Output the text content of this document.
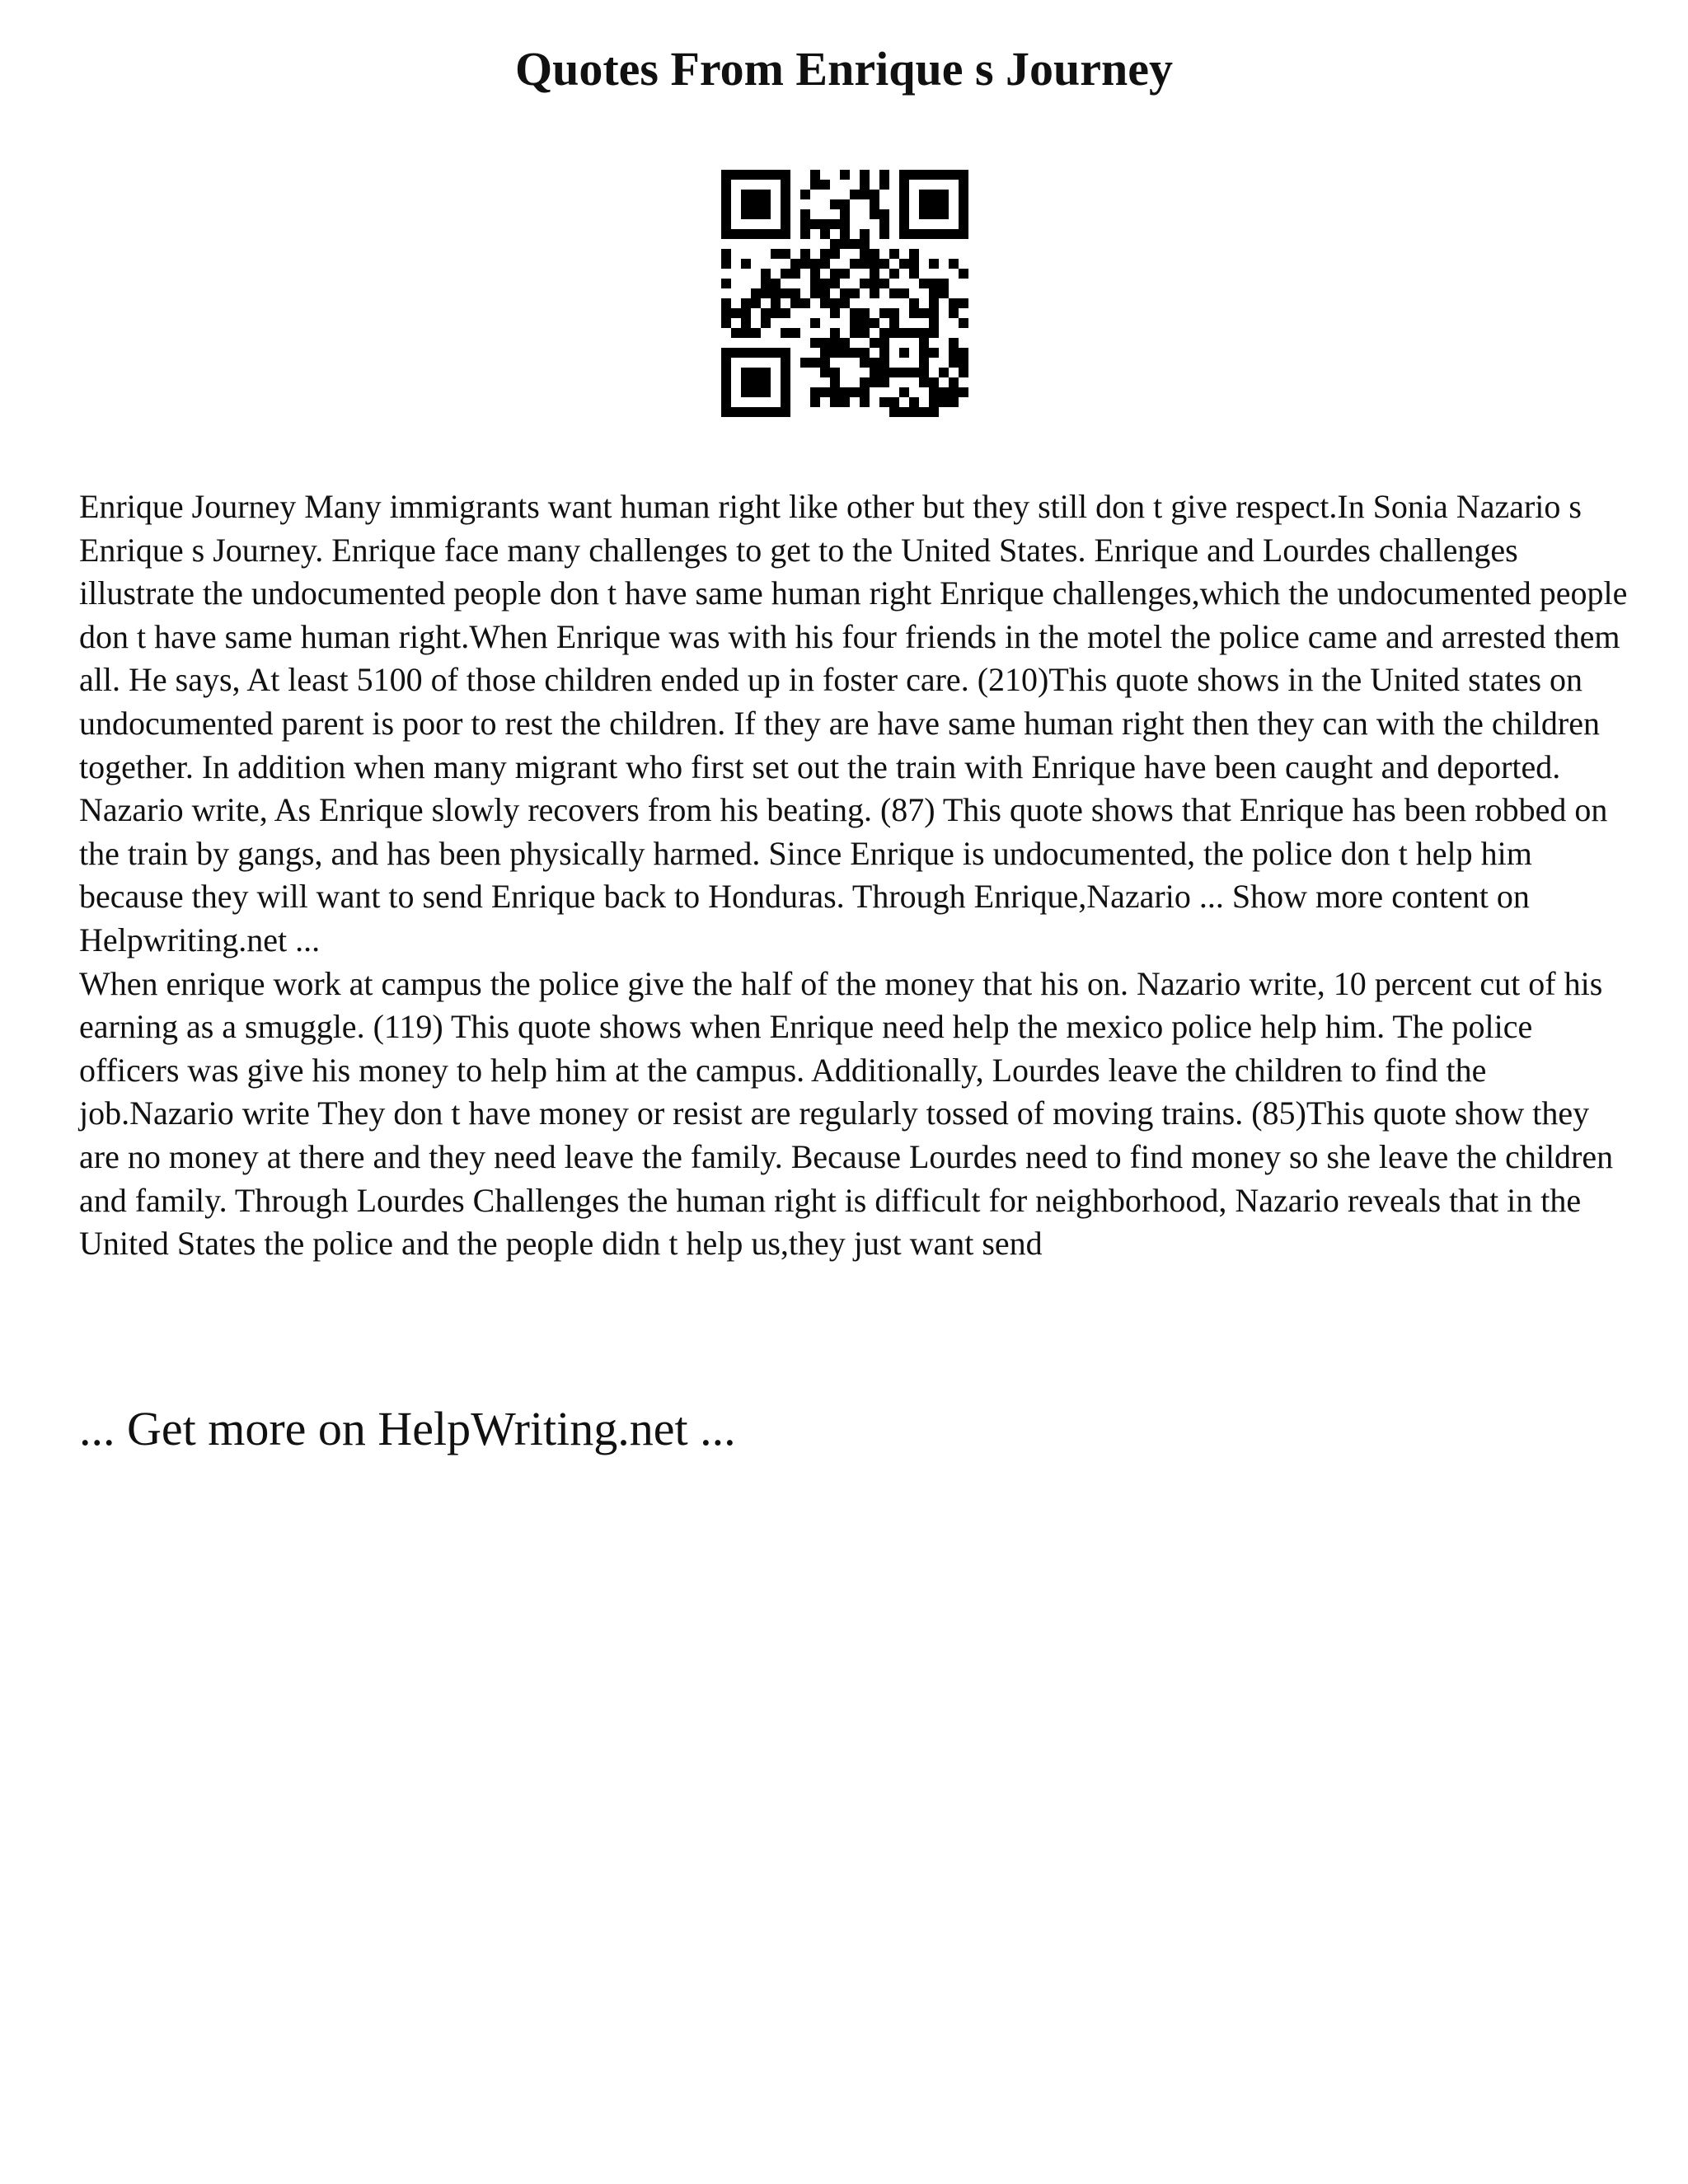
Quotes From Enrique s Journey

Enrique Journey Many immigrants want human right like other but they still don t give respect.In Sonia Nazario s Enrique s Journey. Enrique face many challenges to get to the United States. Enrique and Lourdes challenges illustrate the undocumented people don t have same human right Enrique challenges,which the undocumented people don t have same human right.When Enrique was with his four friends in the motel the police came and arrested them all. He says, At least 5100 of those children ended up in foster care. (210)This quote shows in the United states on undocumented parent is poor to rest the children. If they are have same human right then they can with the children together. In addition when many migrant who first set out the train with Enrique have been caught and deported. Nazario write, As Enrique slowly recovers from his beating. (87) This quote shows that Enrique has been robbed on the train by gangs, and has been physically harmed. Since Enrique is undocumented, the police don t help him because they will want to send Enrique back to Honduras. Through Enrique,Nazario ... Show more content on Helpwriting.net ...

When enrique work at campus the police give the half of the money that his on. Nazario write, 10 percent cut of his earning as a smuggle. (119) This quote shows when Enrique need help the mexico police help him. The police officers was give his money to help him at the campus. Additionally, Lourdes leave the children to find the job.Nazario write They don t have money or resist are regularly tossed of moving trains. (85)This quote show they are no money at there and they need leave the family. Because Lourdes need to find money so she leave the children and family. Through Lourdes Challenges the human right is difficult for neighborhood, Nazario reveals that in the United States the police and the people didn t help us,they just want send

... Get more on HelpWriting.net ...
